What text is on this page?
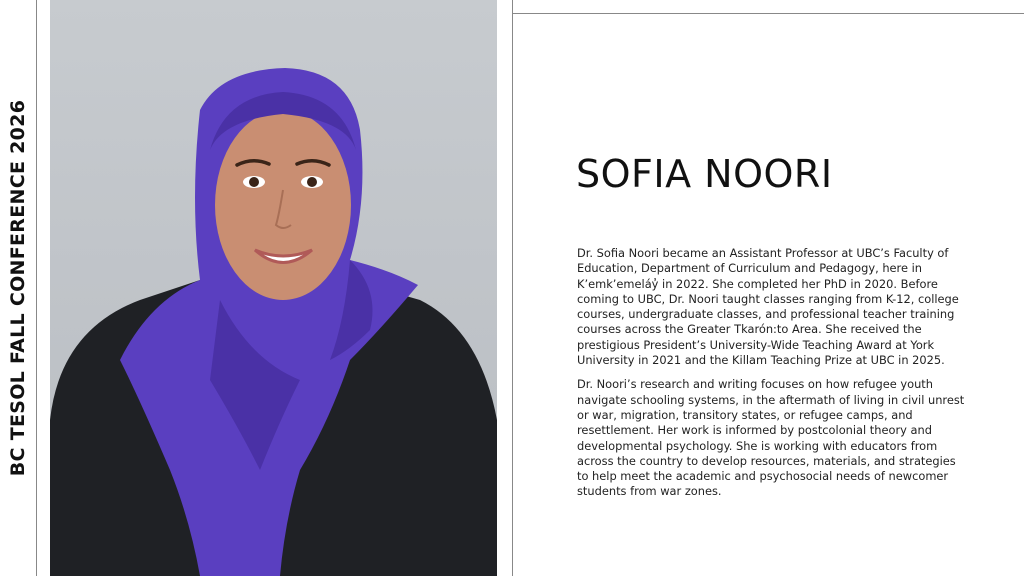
BC TESOL FALL CONFERENCE 2026	SOFIA NOORI

Dr. Sofia Noori became an Assistant Professor at UBC’s Faculty of Education, Department of Curriculum and Pedagogy, here in K’emk’emeláy̓ in 2022. She completed her PhD in 2020. Before coming to UBC, Dr. Noori taught classes ranging from K-12, college courses, undergraduate classes, and professional teacher training courses across the Greater Tkarón:to Area. She received the prestigious President’s University-Wide Teaching Award at York University in 2021 and the Killam Teaching Prize at UBC in 2025.

Dr. Noori’s research and writing focuses on how refugee youth navigate schooling systems, in the aftermath of living in civil unrest or war, migration, transitory states, or refugee camps, and resettlement. Her work is informed by postcolonial theory and developmental psychology. She is working with educators from across the country to develop resources, materials, and strategies to help meet the academic and psychosocial needs of newcomer students from war zones.
